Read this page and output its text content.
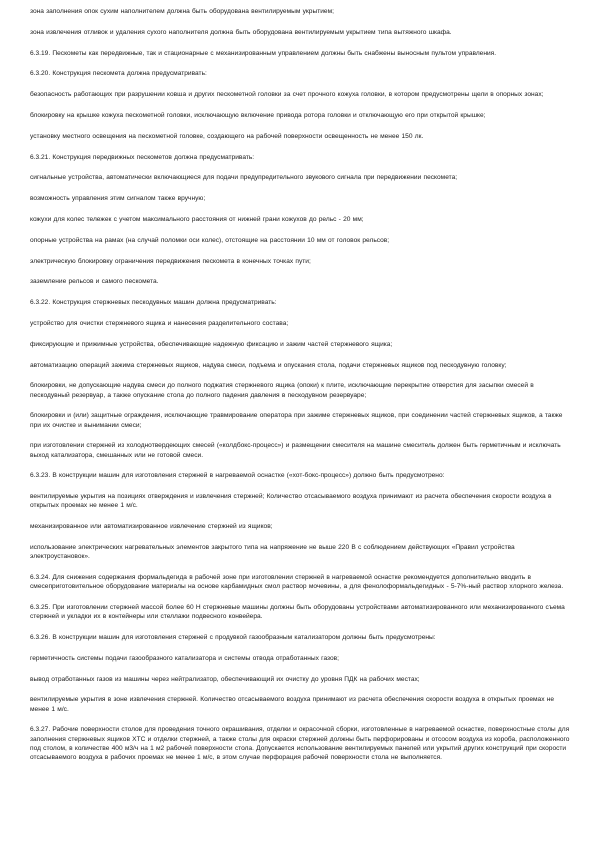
зона заполнения опок сухим наполнителем должна быть оборудована вентилируемым укрытием;

зона извлечения отливок и удаления сухого наполнителя должна быть оборудована вентилируемым укрытием типа вытяжного шкафа.

6.3.19. Пескометы как передвижные, так и стационарные с механизированным управлением должны быть снабжены выносным пультом управления.

6.3.20. Конструкция пескомета должна предусматривать:

безопасность работающих при разрушении ковша и других пескометной головки за счет прочного кожуха головки, в котором предусмотрены щели в опорных зонах;

блокировку на крышке кожуха пескометной головки, исключающую включение привода ротора головки и отключающую его при открытой крышке;

установку местного освещения на пескометной головке, создающего на рабочей поверхности освещенность не менее 150 лк.

6.3.21. Конструкция передвижных пескометов должна предусматривать:

сигнальные устройства, автоматически включающиеся для подачи предупредительного звукового сигнала при передвижении пескомета;

возможность управления этим сигналом также вручную;

кожухи для колес тележек с учетом максимального расстояния от нижней грани кожухов до рельс - 20 мм;

опорные устройства на рамах (на случай поломки оси колес), отстоящие на расстоянии 10 мм от головок рельсов;

электрическую блокировку ограничения передвижения пескомета в конечных точках пути;

заземление рельсов и самого пескомета.

6.3.22. Конструкция стержневых пескодувных машин должна предусматривать:

устройство для очистки стержневого ящика и нанесения разделительного состава;

фиксирующие и прижимные устройства, обеспечивающие надежную фиксацию и зажим частей стержневого ящика;

автоматизацию операций зажима стержневых ящиков, надува смеси, подъема и опускания стола, подачи стержневых ящиков под пескодувную головку;

блокировки, не допускающие надува смеси до полного поджатия стержневого ящика (опоки) к плите, исключающие перекрытие отверстия для засыпки смесей в пескодувный резервуар, а также опускание стола до полного падения давления в пескодувном резервуаре;

блокировки и (или) защитные ограждения, исключающие травмирование оператора при зажиме стержневых ящиков, при соединении частей стержневых ящиков, а также при их очистке и вынимании смеси;

при изготовлении стержней из холоднотвердеющих смесей («колдбокс-процесс») и размещении смесителя на машине смеситель должен быть герметичным и исключать выход катализатора, смешанных или не готовой смеси.

6.3.23. В конструкции машин для изготовления стержней в нагреваемой оснастке («хот-бокс-процесс») должно быть предусмотрено:

вентилируемые укрытия на позициях отверждения и извлечения стержней; Количество отсасываемого воздуха принимают из расчета обеспечения скорости воздуха в открытых проемах не менее 1 м/с.

механизированное или автоматизированное извлечение стержней из ящиков;

использование электрических нагревательных элементов закрытого типа на напряжение не выше 220 В с соблюдением действующих «Правил устройства электроустановок».

6.3.24. Для снижения содержания формальдегида в рабочей зоне при изготовлении стержней в нагреваемой оснастке рекомендуется дополнительно вводить в смесеприготовительное оборудование материалы на основе карбамидных смол раствор мочевины, а для фенолоформальдегидных - 5-7%-ный раствор хлорного железа.

6.3.25. При изготовлении стержней массой более 60 Н стержневые машины должны быть оборудованы устройствами автоматизированного или механизированного съема стержней и укладки их в контейнеры или стеллажи подвесного конвейера.

6.3.26. В конструкции машин для изготовления стержней с продувкой газообразным катализатором должны быть предусмотрены:

герметичность системы подачи газообразного катализатора и системы отвода отработанных газов;

вывод отработанных газов из машины через нейтрализатор, обеспечивающий их очистку до уровня ПДК на рабочих местах;

вентилируемые укрытия в зоне извлечения стержней. Количество отсасываемого воздуха принимают из расчета обеспечения скорости воздуха в открытых проемах не менее 1 м/с.

6.3.27. Рабочие поверхности столов для проведения точного окрашивания, отделки и окрасочной сборки, изготовленные в нагреваемой оснастке, поверхностные столы для заполнения стержневых ящиков ХТС и отделки стержней, а также столы для окраски стержней должны быть перфорированы и отсосом воздуха из короба, расположенного под столом, в количестве 400 м3/ч на 1 м2 рабочей поверхности стола. Допускается использование вентилируемых панелей или укрытий других конструкций при скорости отсасываемого воздуха в рабочих проемах не менее 1 м/с, в этом случае перфорация рабочей поверхности стола не выполняется.
